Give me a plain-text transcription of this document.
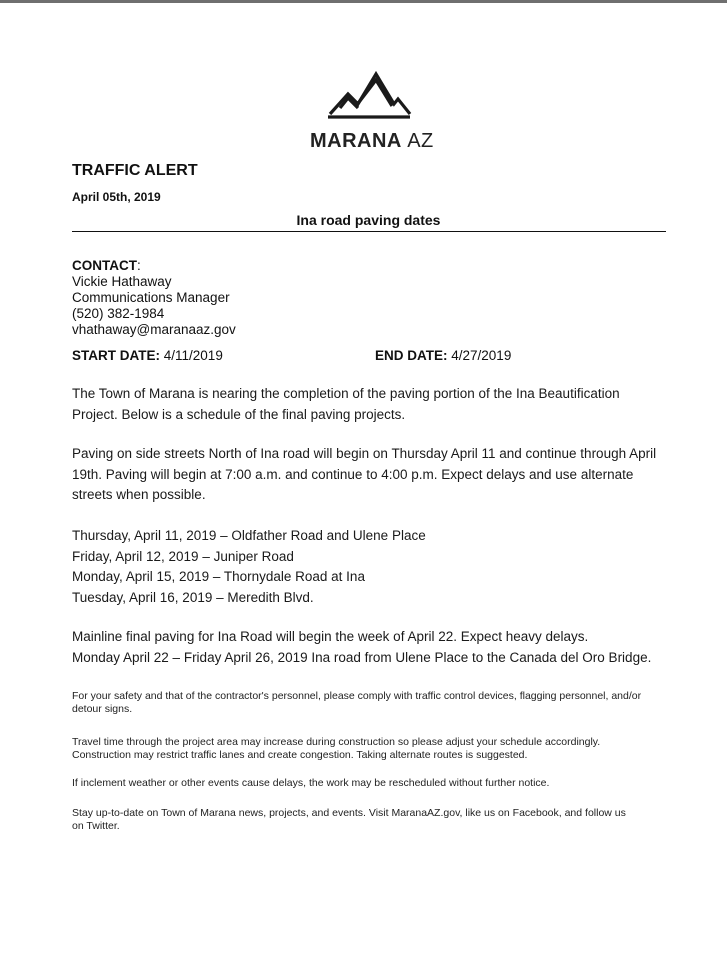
MARANA AZ
TRAFFIC ALERT
April 05th, 2019
Ina road paving dates
CONTACT:
Vickie Hathaway
Communications Manager
(520) 382-1984
vhathaway@maranaaz.gov
START DATE: 4/11/2019	END DATE: 4/27/2019
The Town of Marana is nearing the completion of the paving portion of the Ina Beautification
Project. Below is a schedule of the final paving projects.
Paving on side streets North of Ina road will begin on Thursday April 11 and continue through April
19th. Paving will begin at 7:00 a.m. and continue to 4:00 p.m. Expect delays and use alternate
streets when possible.
Thursday, April 11, 2019 – Oldfather Road and Ulene Place
Friday, April 12, 2019 – Juniper Road
Monday, April 15, 2019 – Thornydale Road at Ina
Tuesday, April 16, 2019 – Meredith Blvd.
Mainline final paving for Ina Road will begin the week of April 22. Expect heavy delays.
Monday April 22 – Friday April 26, 2019 Ina road from Ulene Place to the Canada del Oro Bridge.
For your safety and that of the contractor's personnel, please comply with traffic control devices, flagging personnel, and/or
detour signs.
Travel time through the project area may increase during construction so please adjust your schedule accordingly.
Construction may restrict traffic lanes and create congestion. Taking alternate routes is suggested.
If inclement weather or other events cause delays, the work may be rescheduled without further notice.
Stay up-to-date on Town of Marana news, projects, and events. Visit MaranaAZ.gov, like us on Facebook, and follow us
on Twitter.
